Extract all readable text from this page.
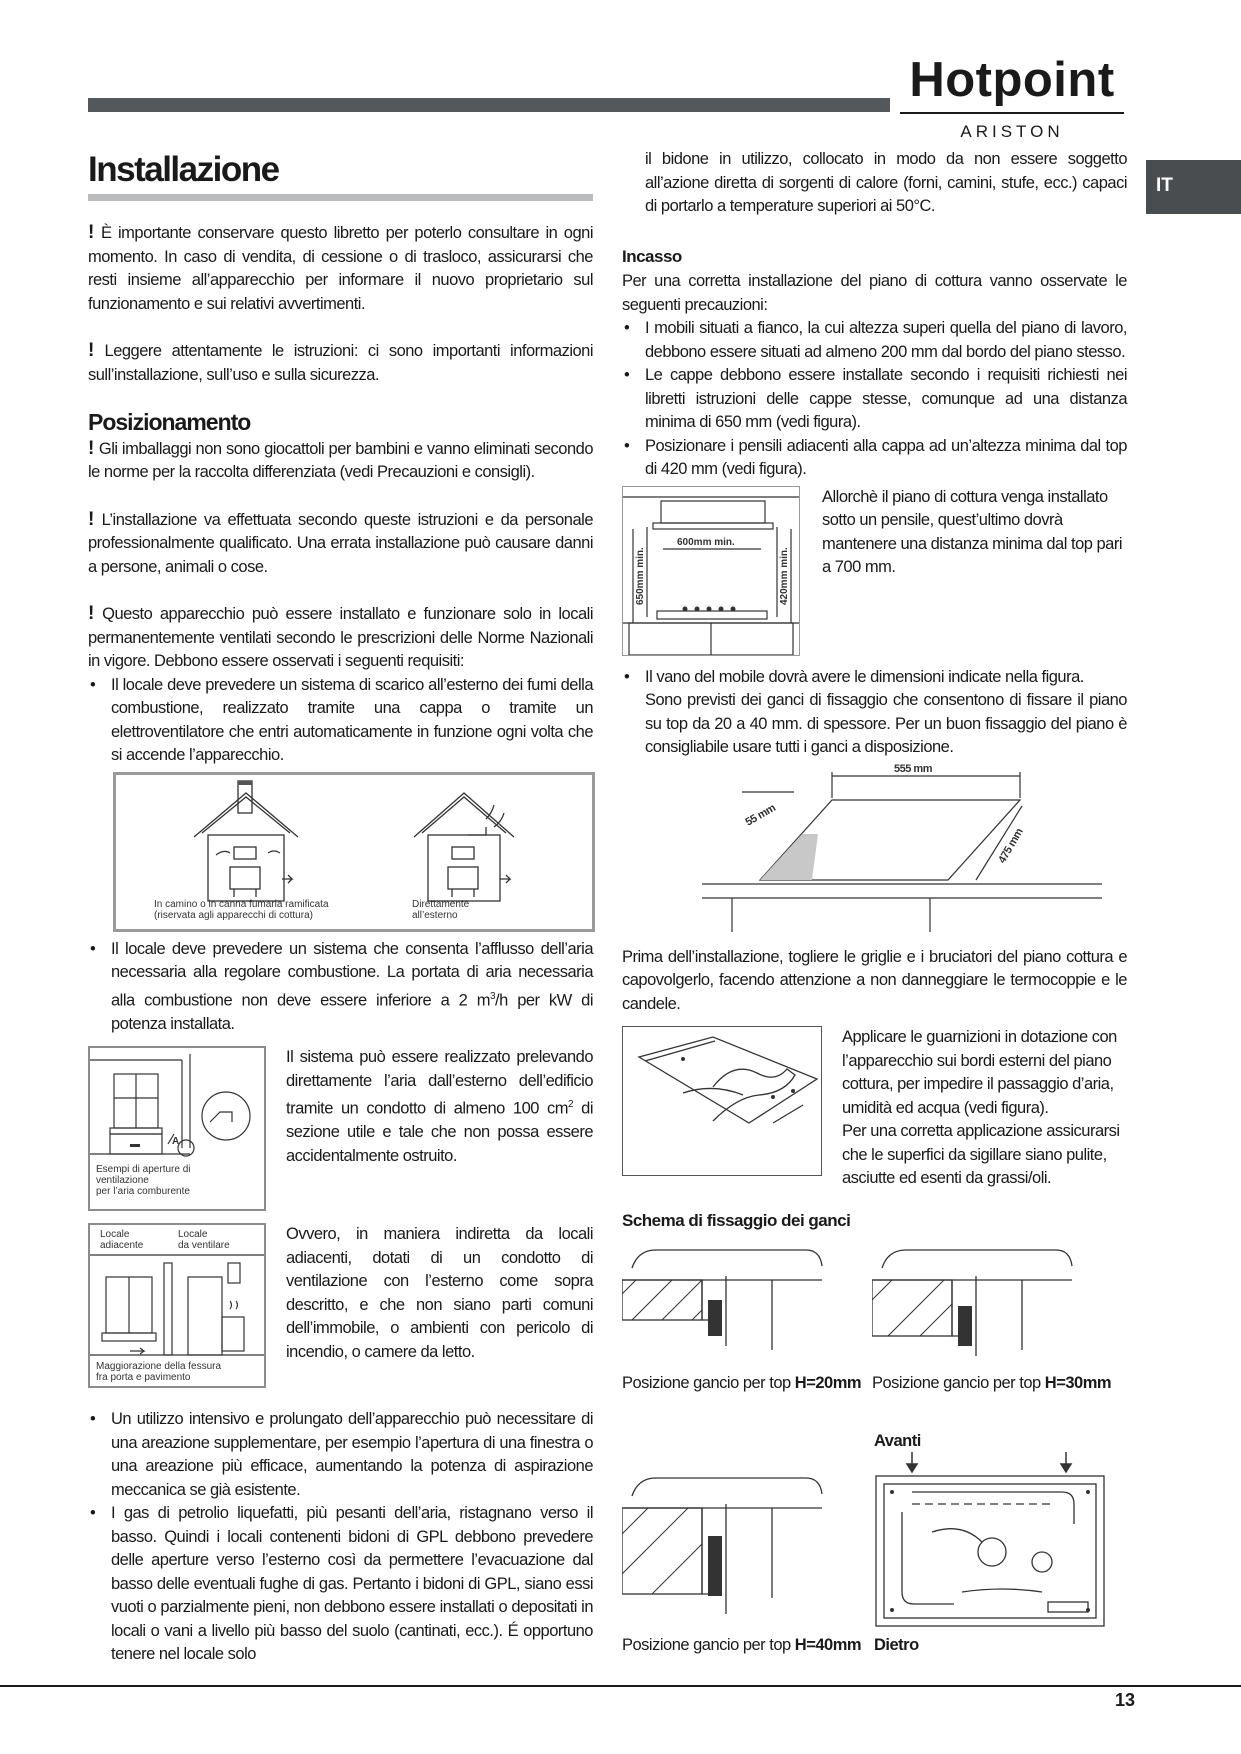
Hotpoint
ARISTON
IT
Installazione

! È importante conservare questo libretto per poterlo consultare in ogni momento. In caso di vendita, di cessione o di trasloco, assicurarsi che resti insieme all’apparecchio per informare il nuovo proprietario sul funzionamento e sui relativi avvertimenti.

! Leggere attentamente le istruzioni: ci sono importanti informazioni sull’installazione, sull’uso e sulla sicurezza.

Posizionamento

! Gli imballaggi non sono giocattoli per bambini e vanno eliminati secondo le norme per la raccolta differenziata (vedi Precauzioni e consigli).

! L’installazione va effettuata secondo queste istruzioni e da personale professionalmente qualificato. Una errata installazione può causare danni a persone, animali o cose.

! Questo apparecchio può essere installato e funzionare solo in locali permanentemente ventilati secondo le prescrizioni delle Norme Nazionali in vigore. Debbono essere osservati i seguenti requisiti:

• Il locale deve prevedere un sistema di scarico all’esterno dei fumi della combustione, realizzato tramite una cappa o tramite un elettroventilatore che entri automaticamente in funzione ogni volta che si accende l’apparecchio.
In camino o in canna fumaria ramificata
(riservata agli apparecchi di cottura)
Direttamente
all’esterno
• Il locale deve prevedere un sistema che consenta l’afflusso dell’aria necessaria alla regolare combustione. La portata di aria necessaria alla combustione non deve essere inferiore a 2 $m^3/h$ per kW di potenza installata.
A
Esempi di aperture di
ventilazione
per l’aria comburente

Il sistema può essere realizzato prelevando direttamente l’aria dall’esterno dell’edificio tramite un condotto di almeno 100 $cm^2$ di sezione utile e tale che non possa essere accidentalmente ostruito.

Locale
adiacente
Locale
da ventilare
Maggiorazione della fessura
fra porta e pavimento

Ovvero, in maniera indiretta da locali adiacenti, dotati di un condotto di ventilazione con l’esterno come sopra descritto, e che non siano parti comuni dell’immobile, o ambienti con pericolo di incendio, o camere da letto.

• Un utilizzo intensivo e prolungato dell’apparecchio può necessitare di una areazione supplementare, per esempio l’apertura di una finestra o una areazione più efficace, aumentando la potenza di aspirazione meccanica se già esistente.
• I gas di petrolio liquefatti, più pesanti dell’aria, ristagnano verso il basso. Quindi i locali contenenti bidoni di GPL debbono prevedere delle aperture verso l’esterno così da permettere l’evacuazione dal basso delle eventuali fughe di gas. Pertanto i bidoni di GPL, siano essi vuoti o parzialmente pieni, non debbono essere installati o depositati in locali o vani a livello più basso del suolo (cantinati, ecc.). É opportuno tenere nel locale solo

il bidone in utilizzo, collocato in modo da non essere soggetto all’azione diretta di sorgenti di calore (forni, camini, stufe, ecc.) capaci di portarlo a temperature superiori ai 50°C.

Incasso

Per una corretta installazione del piano di cottura vanno osservate le seguenti precauzioni:

• I mobili situati a fianco, la cui altezza superi quella del piano di lavoro, debbono essere situati ad almeno 200 mm dal bordo del piano stesso.
• Le cappe debbono essere installate secondo i requisiti richiesti nei libretti istruzioni delle cappe stesse, comunque ad una distanza minima di 650 mm (vedi figura).
• Posizionare i pensili adiacenti alla cappa ad un’altezza minima dal top di 420 mm (vedi figura).
600mm min.
650mm min.	420mm min.

Allorchè il piano di cottura venga installato sotto un pensile, quest’ultimo dovrà mantenere una distanza minima dal top pari a 700 mm.

• Il vano del mobile dovrà avere le dimensioni indicate nella figura.
Sono previsti dei ganci di fissaggio che consentono di fissare il piano su top da 20 a 40 mm. di spessore. Per un buon fissaggio del piano è consigliabile usare tutti i ganci a disposizione.
555 mm
55 mm
475 mm

Prima dell’installazione, togliere le griglie e i bruciatori del piano cottura e capovolgerlo, facendo attenzione a non danneggiare le termocoppie e le candele.

Applicare le guarnizioni in dotazione con l’apparecchio sui bordi esterni del piano cottura, per impedire il passaggio d’aria, umidità ed acqua (vedi figura).

Per una corretta applicazione assicurarsi che le superfici da sigillare siano pulite, asciutte ed esenti da grassi/oli.

Schema di fissaggio dei ganci
Posizione gancio per top H=20mm Posizione gancio per top H=30mm
Posizione gancio per top H=40mm
Avanti
Dietro
13
